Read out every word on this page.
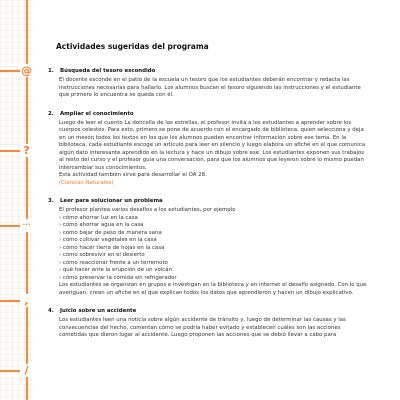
@
?
···
,
/
Actividades sugeridas del programa
1. Búsqueda del tesoro escondido

El docente esconde en el patio de la escuela un tesoro que los estudiantes deberán encontrar y redacta las instrucciones necesarias para hallarlo. Los alumnos buscan el tesoro siguiendo las instrucciones y el estudiante que primero lo encuentra se queda con él.

2. Ampliar el conocimiento

Luego de leer el cuento La doncella de las estrellas, el profesor invita a los estudiantes a aprender sobre los cuerpos celestes. Para esto, primero se pone de acuerdo con el encargado de biblioteca, quien selecciona y deja en un mesón todos los textos en los que los alumnos pueden encontrar información sobre ese tema. En la biblioteca, cada estudiante escoge un artículo para leer en silencio y luego elabora un afiche en el que comunica algún dato interesante aprendido en la lectura y hace un dibujo sobre ese. Los estudiantes exponen sus trabajos al resto del curso y el profesor guía una conversación, para que los alumnos que leyeron sobre lo mismo puedan intercambiar sus conocimientos.

Esta actividad también sirve para desarrollar el OA 28.

(Ciencias Naturales)

3. Leer para solucionar un problema

El profesor plantea varios desafíos a los estudiantes, por ejemplo

› cómo ahorrar luz en la casa
› cómo ahorrar agua en la casa
› cómo bajar de peso de manera sana
› cómo cultivar vegetales en la casa
› cómo hacer tierra de hojas en la casa
› cómo sobrevivir en el desierto
› cómo reaccionar frente a un terremoto
› qué hacer ante la erupción de un volcán
› cómo preservar la comida sin refrigerador

Los estudiantes se organizan en grupos e investigan en la biblioteca y en internet el desafío asignado. Con lo que averiguan, crean un afiche en el que explican todos los datos que aprendieron y hacen un dibujo explicativo.

4. Juicio sobre un accidente

Los estudiantes leen una noticia sobre algún accidente de tránsito y, luego de determinar las causas y las consecuencias del hecho, comentan cómo se podría haber evitado y establecen cuáles son las acciones cometidas que dieron lugar al accidente. Luego proponen las acciones que se debió llevar a cabo para
